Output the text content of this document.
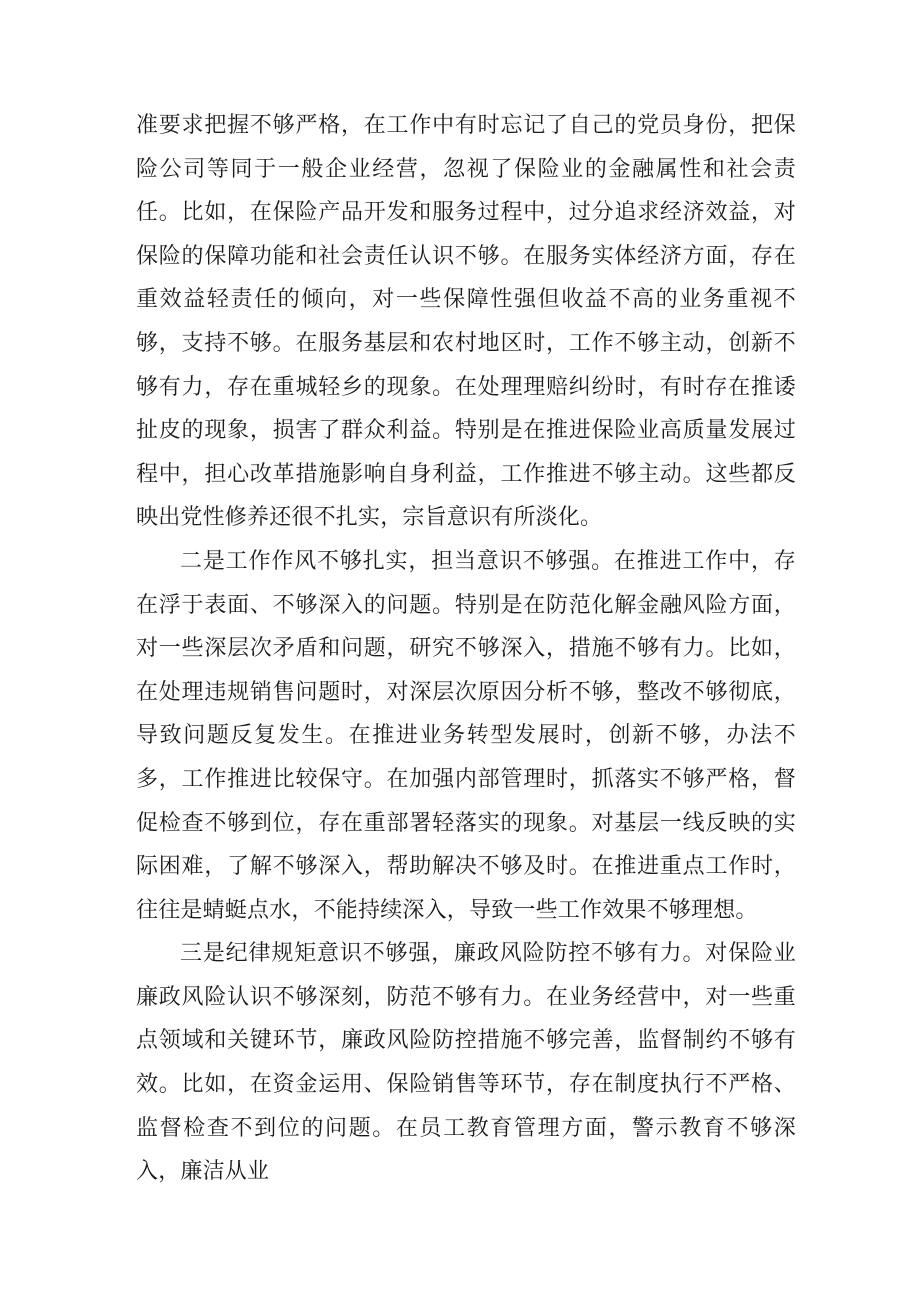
准要求把握不够严格，在工作中有时忘记了自己的党员身份，把保险公司等同于一般企业经营，忽视了保险业的金融属性和社会责任。比如，在保险产品开发和服务过程中，过分追求经济效益，对保险的保障功能和社会责任认识不够。在服务实体经济方面，存在重效益轻责任的倾向，对一些保障性强但收益不高的业务重视不够，支持不够。在服务基层和农村地区时，工作不够主动，创新不够有力，存在重城轻乡的现象。在处理理赔纠纷时，有时存在推诿扯皮的现象，损害了群众利益。特别是在推进保险业高质量发展过程中，担心改革措施影响自身利益，工作推进不够主动。这些都反映出党性修养还很不扎实，宗旨意识有所淡化。

二是工作作风不够扎实，担当意识不够强。在推进工作中，存在浮于表面、不够深入的问题。特别是在防范化解金融风险方面，对一些深层次矛盾和问题，研究不够深入，措施不够有力。比如，在处理违规销售问题时，对深层次原因分析不够，整改不够彻底，导致问题反复发生。在推进业务转型发展时，创新不够，办法不多，工作推进比较保守。在加强内部管理时，抓落实不够严格，督促检查不够到位，存在重部署轻落实的现象。对基层一线反映的实际困难，了解不够深入，帮助解决不够及时。在推进重点工作时，往往是蜻蜓点水，不能持续深入，导致一些工作效果不够理想。

三是纪律规矩意识不够强，廉政风险防控不够有力。对保险业廉政风险认识不够深刻，防范不够有力。在业务经营中，对一些重点领域和关键环节，廉政风险防控措施不够完善，监督制约不够有效。比如，在资金运用、保险销售等环节，存在制度执行不严格、监督检查不到位的问题。在员工教育管理方面，警示教育不够深入，廉洁从业
